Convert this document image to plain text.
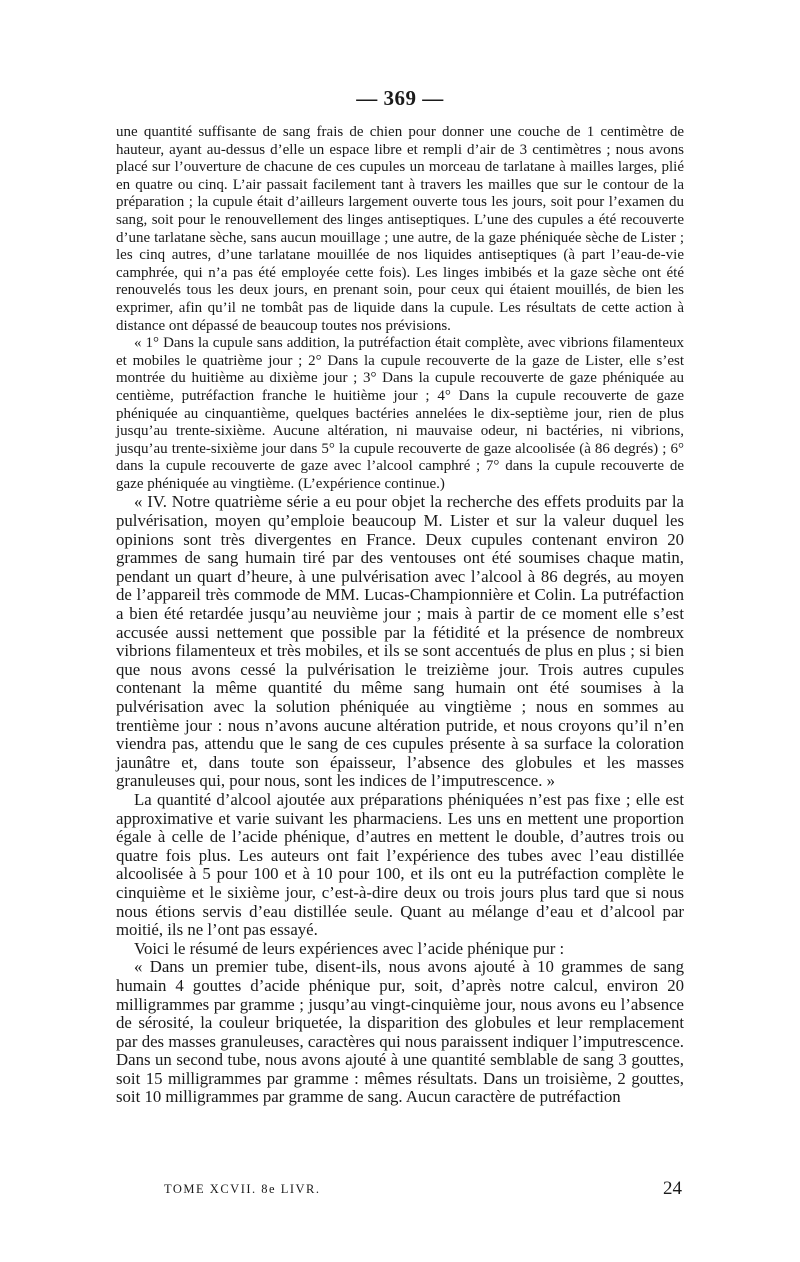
— 369 —

une quantité suffisante de sang frais de chien pour donner une couche de 1 centimètre de hauteur, ayant au-dessus d’elle un espace libre et rempli d’air de 3 centimètres ; nous avons placé sur l’ouverture de chacune de ces cupules un morceau de tarlatane à mailles larges, plié en quatre ou cinq. L’air passait facilement tant à travers les mailles que sur le contour de la préparation ; la cupule était d’ailleurs largement ouverte tous les jours, soit pour l’examen du sang, soit pour le renouvellement des linges antiseptiques. L’une des cupules a été recouverte d’une tarlatane sèche, sans aucun mouillage ; une autre, de la gaze phéniquée sèche de Lister ; les cinq autres, d’une tarlatane mouillée de nos liquides antiseptiques (à part l’eau-de-vie camphrée, qui n’a pas été employée cette fois). Les linges imbibés et la gaze sèche ont été renouvelés tous les deux jours, en prenant soin, pour ceux qui étaient mouillés, de bien les exprimer, afin qu’il ne tombât pas de liquide dans la cupule. Les résultats de cette action à distance ont dépassé de beaucoup toutes nos prévisions.

« 1° Dans la cupule sans addition, la putréfaction était complète, avec vibrions filamenteux et mobiles le quatrième jour ; 2° Dans la cupule recouverte de la gaze de Lister, elle s’est montrée du huitième au dixième jour ; 3° Dans la cupule recouverte de gaze phéniquée au centième, putréfaction franche le huitième jour ; 4° Dans la cupule recouverte de gaze phéniquée au cinquantième, quelques bactéries annelées le dix-septième jour, rien de plus jusqu’au trente-sixième. Aucune altération, ni mauvaise odeur, ni bactéries, ni vibrions, jusqu’au trente-sixième jour dans 5° la cupule recouverte de gaze alcoolisée (à 86 degrés) ; 6° dans la cupule recouverte de gaze avec l’alcool camphré ; 7° dans la cupule recouverte de gaze phéniquée au vingtième. (L’expérience continue.)

« IV. Notre quatrième série a eu pour objet la recherche des effets produits par la pulvérisation, moyen qu’emploie beaucoup M. Lister et sur la valeur duquel les opinions sont très divergentes en France. Deux cupules contenant environ 20 grammes de sang humain tiré par des ventouses ont été soumises chaque matin, pendant un quart d’heure, à une pulvérisation avec l’alcool à 86 degrés, au moyen de l’appareil très commode de MM. Lucas-Championnière et Colin. La putréfaction a bien été retardée jusqu’au neuvième jour ; mais à partir de ce moment elle s’est accusée aussi nettement que possible par la fétidité et la présence de nombreux vibrions filamenteux et très mobiles, et ils se sont accentués de plus en plus ; si bien que nous avons cessé la pulvérisation le treizième jour. Trois autres cupules contenant la même quantité du même sang humain ont été soumises à la pulvérisation avec la solution phéniquée au vingtième ; nous en sommes au trentième jour : nous n’avons aucune altération putride, et nous croyons qu’il n’en viendra pas, attendu que le sang de ces cupules présente à sa surface la coloration jaunâtre et, dans toute son épaisseur, l’absence des globules et les masses granuleuses qui, pour nous, sont les indices de l’imputrescence. »

La quantité d’alcool ajoutée aux préparations phéniquées n’est pas fixe ; elle est approximative et varie suivant les pharmaciens. Les uns en mettent une proportion égale à celle de l’acide phénique, d’autres en mettent le double, d’autres trois ou quatre fois plus. Les auteurs ont fait l’expérience des tubes avec l’eau distillée alcoolisée à 5 pour 100 et à 10 pour 100, et ils ont eu la putréfaction complète le cinquième et le sixième jour, c’est-à-dire deux ou trois jours plus tard que si nous nous étions servis d’eau distillée seule. Quant au mélange d’eau et d’alcool par moitié, ils ne l’ont pas essayé.

Voici le résumé de leurs expériences avec l’acide phénique pur :

« Dans un premier tube, disent-ils, nous avons ajouté à 10 grammes de sang humain 4 gouttes d’acide phénique pur, soit, d’après notre calcul, environ 20 milligrammes par gramme ; jusqu’au vingt-cinquième jour, nous avons eu l’absence de sérosité, la couleur briquetée, la disparition des globules et leur remplacement par des masses granuleuses, caractères qui nous paraissent indiquer l’imputrescence. Dans un second tube, nous avons ajouté à une quantité semblable de sang 3 gouttes, soit 15 milligrammes par gramme : mêmes résultats. Dans un troisième, 2 gouttes, soit 10 milligrammes par gramme de sang. Aucun caractère de putréfaction

TOME XCVII. 8e LIVR.	24
